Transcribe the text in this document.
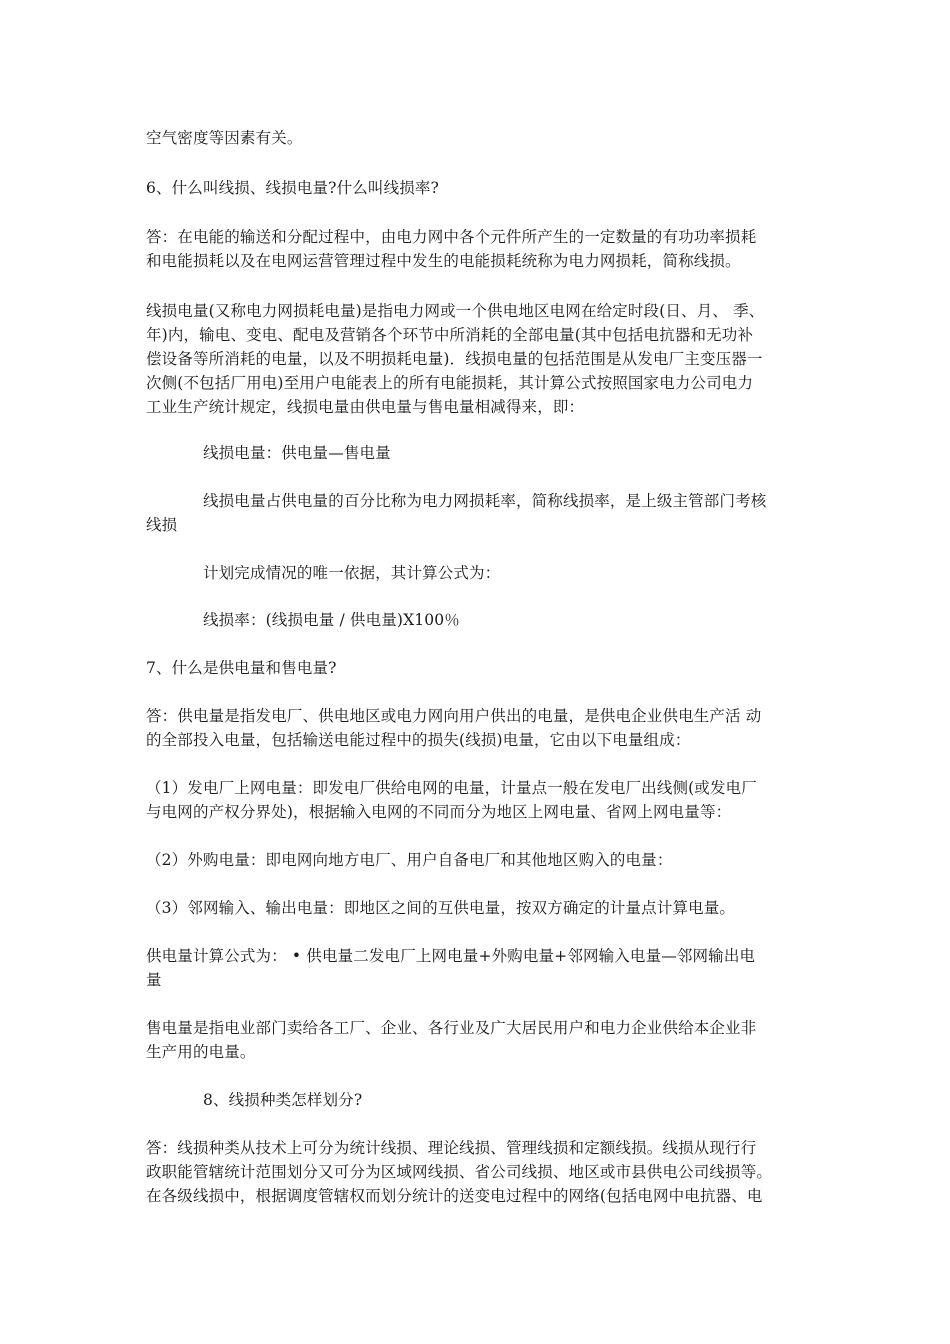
空气密度等因素有关。
6、什么叫线损、线损电量?什么叫线损率?
答：在电能的输送和分配过程中，由电力网中各个元件所产生的一定数量的有功功率损耗
和电能损耗以及在电网运营管理过程中发生的电能损耗统称为电力网损耗，简称线损。
线损电量(又称电力网损耗电量)是指电力网或一个供电地区电网在给定时段(日、月、 季、
年)内，输电、变电、配电及营销各个环节中所消耗的全部电量(其中包括电抗器和无功补
偿设备等所消耗的电量，以及不明损耗电量)．线损电量的包括范围是从发电厂主变压器一
次侧(不包括厂用电)至用户电能表上的所有电能损耗，其计算公式按照国家电力公司电力
工业生产统计规定，线损电量由供电量与售电量相减得来，即：
线损电量：供电量—售电量
线损电量占供电量的百分比称为电力网损耗率，简称线损率，是上级主管部门考核
线损
计划完成情况的唯一依据，其计算公式为：
线损率：(线损电量 / 供电量)X100％
7、什么是供电量和售电量?
答：供电量是指发电厂、供电地区或电力网向用户供出的电量，是供电企业供电生产活 动
的全部投入电量，包括输送电能过程中的损失(线损)电量，它由以下电量组成：
（1）发电厂上网电量：即发电厂供给电网的电量，计量点一般在发电厂出线侧(或发电厂
与电网的产权分界处)，根据输入电网的不同而分为地区上网电量、省网上网电量等：
（2）外购电量：即电网向地方电厂、用户自备电厂和其他地区购入的电量：
（3）邻网输入、输出电量：即地区之间的互供电量，按双方确定的计量点计算电量。
供电量计算公式为： • 供电量二发电厂上网电量+外购电量+邻网输入电量—邻网输出电
量
售电量是指电业部门卖给各工厂、企业、各行业及广大居民用户和电力企业供给本企业非
生产用的电量。
8、线损种类怎样划分?
答：线损种类从技术上可分为统计线损、理论线损、管理线损和定额线损。线损从现行行
政职能管辖统计范围划分又可分为区域网线损、省公司线损、地区或市县供电公司线损等。
在各级线损中，根据调度管辖权而划分统计的送变电过程中的网络(包括电网中电抗器、电
